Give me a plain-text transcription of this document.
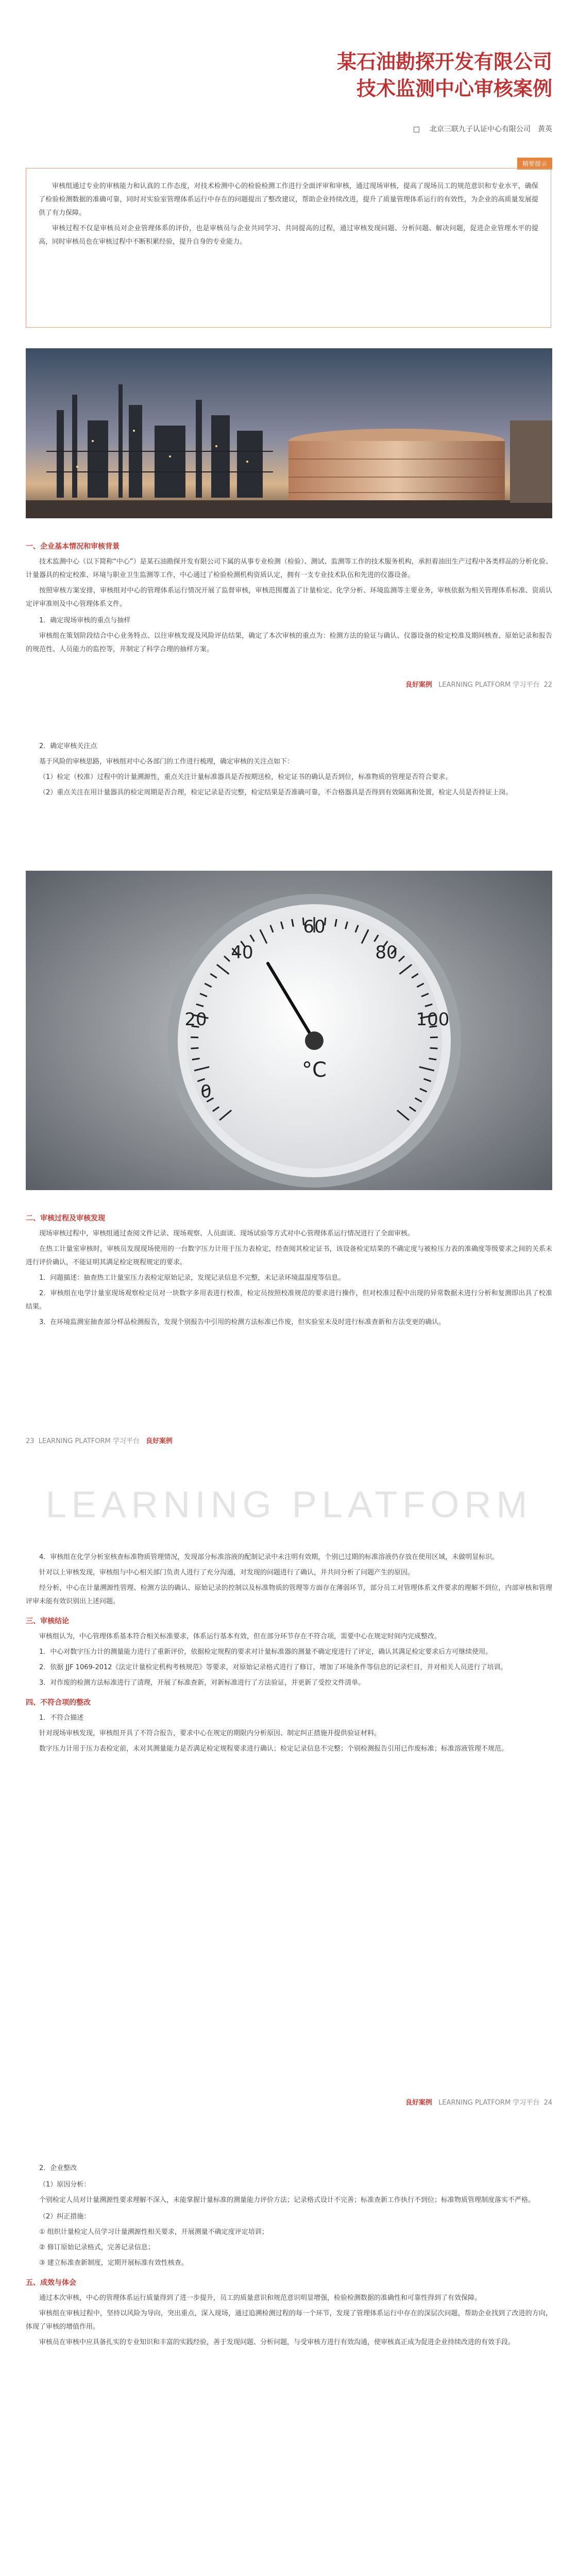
某石油勘探开发有限公司
技术监测中心审核案例
北京三联九子认证中心有限公司　黄英
精要提示

审核组通过专业的审核能力和认真的工作态度，对技术检测中心的检验检测工作进行全面评审和审核，通过现场审核，提高了现场员工的规范意识和专业水平，确保了检验检测数据的准确可靠，同时对实验室管理体系运行中存在的问题提出了整改建议，帮助企业持续改进，提升了质量管理体系运行的有效性，为企业的高质量发展提供了有力保障。

审核过程不仅是审核员对企业管理体系的评价，也是审核员与企业共同学习、共同提高的过程，通过审核发现问题、分析问题、解决问题，促进企业管理水平的提高，同时审核员也在审核过程中不断积累经验，提升自身的专业能力。

一、企业基本情况和审核背景

技术监测中心（以下简称“中心”）是某石油勘探开发有限公司下属的从事专业检测（检验）、测试、监测等工作的技术服务机构，承担着油田生产过程中各类样品的分析化验、计量器具的检定校准、环境与职业卫生监测等工作，中心通过了检验检测机构资质认定，拥有一支专业技术队伍和先进的仪器设备。

按照审核方案安排，审核组对中心的管理体系运行情况开展了监督审核，审核范围覆盖了计量检定、化学分析、环境监测等主要业务，审核依据为相关管理体系标准、资质认定评审准则及中心管理体系文件。

1．确定现场审核的重点与抽样

审核组在策划阶段结合中心业务特点、以往审核发现及风险评估结果，确定了本次审核的重点为：检测方法的验证与确认、仪器设备的检定校准及期间核查、原始记录和报告的规范性、人员能力的监控等，并制定了科学合理的抽样方案。

良好案例 LEARNING PLATFORM 学习平台 22
2．确定审核关注点

基于风险的审核思路，审核组对中心各部门的工作进行梳理，确定审核的关注点如下：

（1）检定（校准）过程中的计量溯源性，重点关注计量标准器具是否按期送检，检定证书的确认是否到位，标准物质的管理是否符合要求。

（2）重点关注在用计量器具的检定周期是否合理，检定记录是否完整，检定结果是否准确可靠，不合格器具是否得到有效隔离和处置，检定人员是否持证上岗。

0
20
40
60
80
100
°C
二、审核过程及审核发现

现场审核过程中，审核组通过查阅文件记录、现场观察、人员面谈、现场试验等方式对中心管理体系运行情况进行了全面审核。

在热工计量室审核时，审核员发现现场使用的一台数字压力计用于压力表检定，经查阅其检定证书，该设备检定结果的不确定度与被检压力表的准确度等级要求之间的关系未进行评价确认，不能证明其满足检定规程规定的要求。

1．问题描述：抽查热工计量室压力表检定原始记录，发现记录信息不完整，未记录环境温湿度等信息。

2．审核组在电学计量室现场观察检定员对一块数字多用表进行校准，检定员按照校准规范的要求进行操作，但对校准过程中出现的异常数据未进行分析和复测即出具了校准结果。

3．在环境监测室抽查部分样品检测报告，发现个别报告中引用的检测方法标准已作废，但实验室未及时进行标准查新和方法变更的确认。

23 LEARNING PLATFORM 学习平台 良好案例
LEARNING PLATFORM

4．审核组在化学分析室核查标准物质管理情况，发现部分标准溶液的配制记录中未注明有效期，个别已过期的标准溶液仍存放在使用区域，未做明显标识。

针对以上审核发现，审核组与中心相关部门负责人进行了充分沟通，对发现的问题进行了确认，并共同分析了问题产生的原因。

经分析，中心在计量溯源性管理、检测方法的确认、原始记录的控制以及标准物质的管理等方面存在薄弱环节，部分员工对管理体系文件要求的理解不到位，内部审核和管理评审未能有效识别出上述问题。

三、审核结论

审核组认为，中心管理体系基本符合相关标准要求，体系运行基本有效，但在部分环节存在不符合项，需要中心在规定时间内完成整改。

1．中心对数字压力计的测量能力进行了重新评价，依据检定规程的要求对计量标准器的测量不确定度进行了评定，确认其满足检定要求后方可继续使用。

2．依据 JJF 1069-2012《法定计量检定机构考核规范》等要求，对原始记录格式进行了修订，增加了环境条件等信息的记录栏目，并对相关人员进行了培训。

3．对作废的检测方法标准进行了清理，开展了标准查新，对新标准进行了方法验证，并更新了受控文件清单。

四、不符合项的整改
1．不符合描述

针对现场审核发现，审核组开具了不符合报告，要求中心在规定的期限内分析原因、制定纠正措施并提供验证材料。

数字压力计用于压力表检定前，未对其测量能力是否满足检定规程要求进行确认；检定记录信息不完整；个别检测报告引用已作废标准；标准溶液管理不规范。

良好案例 LEARNING PLATFORM 学习平台 24
2．企业整改
（1）原因分析：

个别检定人员对计量溯源性要求理解不深入，未能掌握计量标准的测量能力评价方法；记录格式设计不完善；标准查新工作执行不到位；标准物质管理制度落实不严格。

（2）纠正措施：

① 组织计量检定人员学习计量溯源性相关要求，开展测量不确定度评定培训；

② 修订原始记录格式，完善记录信息；

③ 建立标准查新制度，定期开展标准有效性核查。

五、成效与体会

通过本次审核，中心的管理体系运行质量得到了进一步提升，员工的质量意识和规范意识明显增强，检验检测数据的准确性和可靠性得到了有效保障。

审核组在审核过程中，坚持以风险为导向，突出重点，深入现场，通过追溯检测过程的每一个环节，发现了管理体系运行中存在的深层次问题，帮助企业找到了改进的方向，体现了审核的增值作用。

审核员在审核中应具备扎实的专业知识和丰富的实践经验，善于发现问题、分析问题，与受审核方进行有效沟通，使审核真正成为促进企业持续改进的有效手段。
